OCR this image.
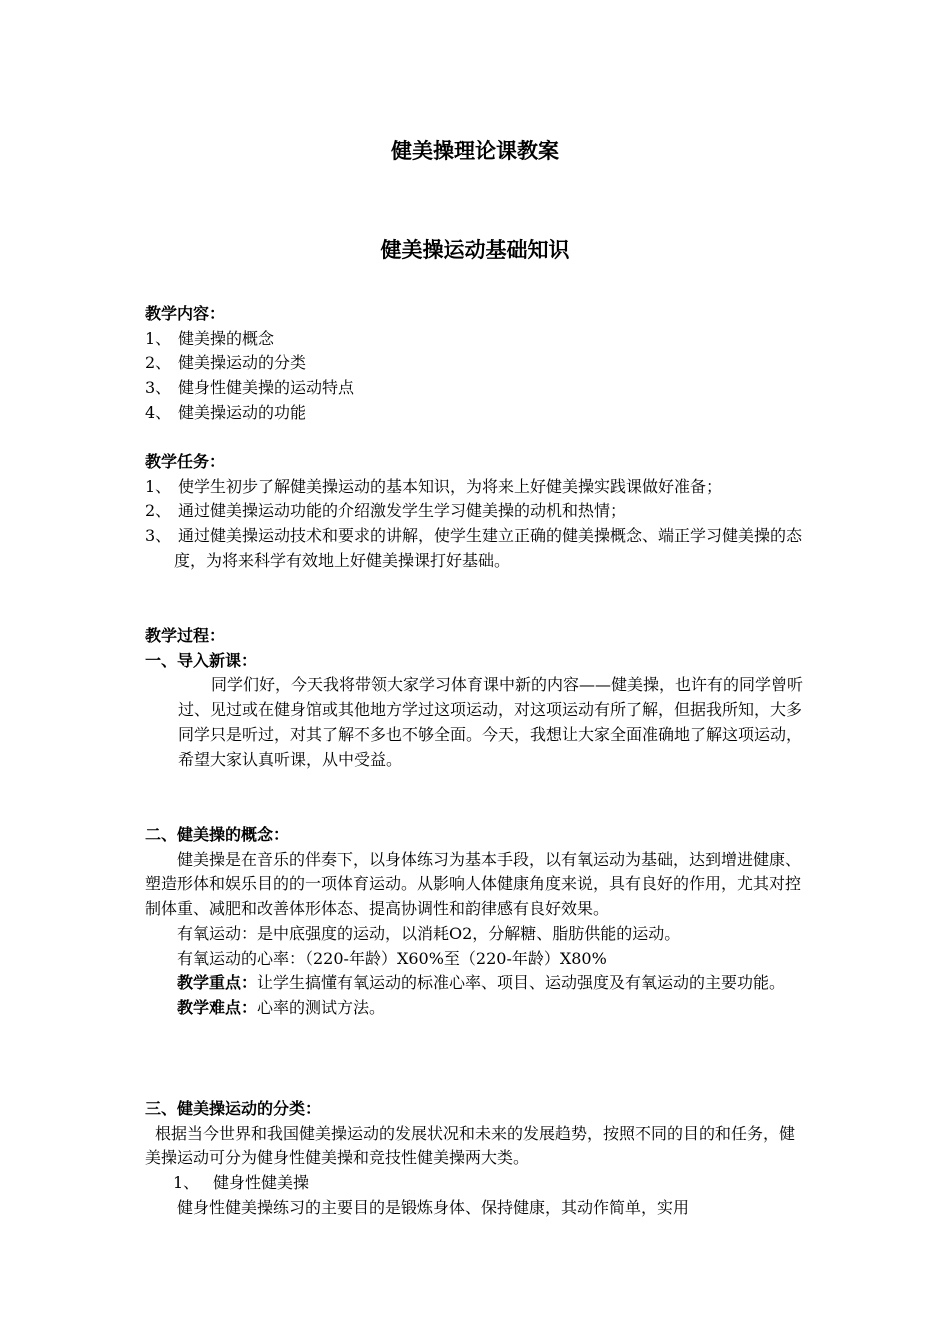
健美操理论课教案
健美操运动基础知识

教学内容：

1、 健美操的概念
2、 健美操运动的分类
3、 健身性健美操的运动特点
4、 健美操运动的功能

教学任务：

1、 使学生初步了解健美操运动的基本知识，为将来上好健美操实践课做好准备；

2、 通过健美操运动功能的介绍激发学生学习健美操的动机和热情；

3、 通过健美操运动技术和要求的讲解，使学生建立正确的健美操概念、端正学习健美操的态度，为将来科学有效地上好健美操课打好基础。

教学过程：

一、导入新课：

同学们好，今天我将带领大家学习体育课中新的内容——健美操，也许有的同学曾听过、见过或在健身馆或其他地方学过这项运动，对这项运动有所了解，但据我所知，大多同学只是听过，对其了解不多也不够全面。今天，我想让大家全面准确地了解这项运动，希望大家认真听课，从中受益。

二、健美操的概念：

健美操是在音乐的伴奏下，以身体练习为基本手段，以有氧运动为基础，达到增进健康、塑造形体和娱乐目的的一项体育运动。从影响人体健康角度来说，具有良好的作用，尤其对控制体重、减肥和改善体形体态、提高协调性和韵律感有良好效果。

有氧运动：是中底强度的运动，以消耗O2，分解糖、脂肪供能的运动。

有氧运动的心率：（220-年龄）X60%至（220-年龄）X80%

教学重点：让学生搞懂有氧运动的标准心率、项目、运动强度及有氧运动的主要功能。

教学难点：心率的测试方法。

三、健美操运动的分类：

根据当今世界和我国健美操运动的发展状况和未来的发展趋势，按照不同的目的和任务，健美操运动可分为健身性健美操和竞技性健美操两大类。

1、 健身性健美操

健身性健美操练习的主要目的是锻炼身体、保持健康，其动作简单，实用
